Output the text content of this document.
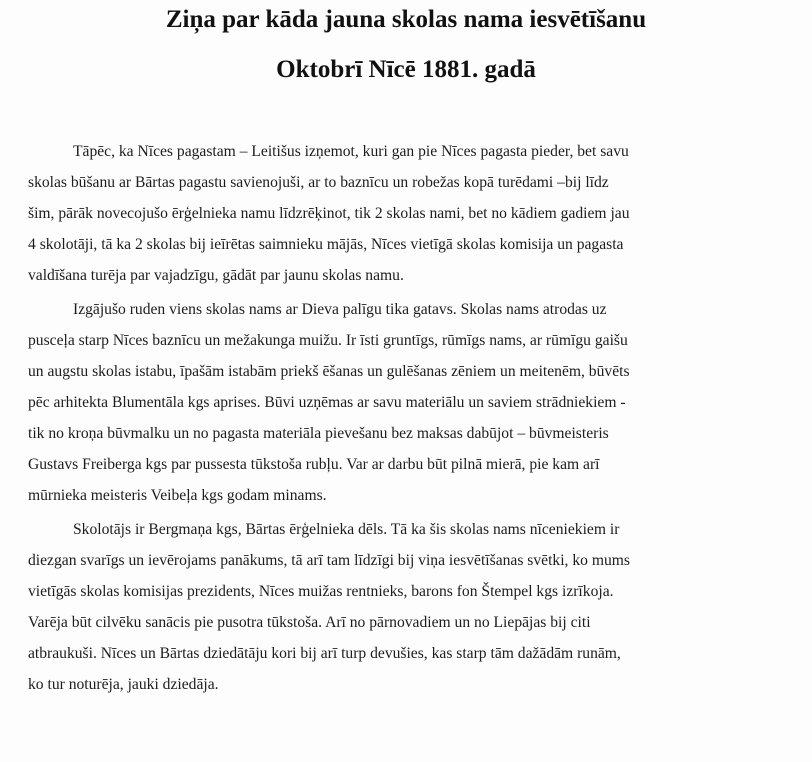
Ziņa par kāda jauna skolas nama iesvētīšanu
Oktobrī Nīcē 1881. gadā

Tāpēc, ka Nīces pagastam – Leitišus izņemot, kuri gan pie Nīces pagasta pieder, bet savu
skolas būšanu ar Bārtas pagastu savienojuši, ar to baznīcu un robežas kopā turēdami –bij līdz
šim, pārāk novecojušo ērģelnieka namu līdzrēķinot, tik 2 skolas nami, bet no kādiem gadiem jau
4 skolotāji, tā ka 2 skolas bij ieīrētas saimnieku mājās, Nīces vietīgā skolas komisija un pagasta
valdīšana turēja par vajadzīgu, gādāt par jaunu skolas namu.

Izgājušo ruden viens skolas nams ar Dieva palīgu tika gatavs. Skolas nams atrodas uz
pusceļa starp Nīces baznīcu un mežakunga muižu. Ir īsti gruntīgs, rūmīgs nams, ar rūmīgu gaišu
un augstu skolas istabu, īpašām istabām priekš ēšanas un gulēšanas zēniem un meitenēm, būvēts
pēc arhitekta Blumentāla kgs aprises. Būvi uzņēmas ar savu materiālu un saviem strādniekiem -
tik no kroņa būvmalku un no pagasta materiāla pievešanu bez maksas dabūjot – būvmeisteris
Gustavs Freiberga kgs par pussesta tūkstoša rubļu. Var ar darbu būt pilnā mierā, pie kam arī
mūrnieka meisteris Veibeļa kgs godam minams.

Skolotājs ir Bergmaņa kgs, Bārtas ērģelnieka dēls. Tā ka šis skolas nams nīceniekiem ir
diezgan svarīgs un ievērojams panākums, tā arī tam līdzīgi bij viņa iesvētīšanas svētki, ko mums
vietīgās skolas komisijas prezidents, Nīces muižas rentnieks, barons fon Štempel kgs izrīkoja.
Varēja būt cilvēku sanācis pie pusotra tūkstoša. Arī no pārnovadiem un no Liepājas bij citi
atbraukuši. Nīces un Bārtas dziedātāju kori bij arī turp devušies, kas starp tām dažādām runām,
ko tur noturēja, jauki dziedāja.
